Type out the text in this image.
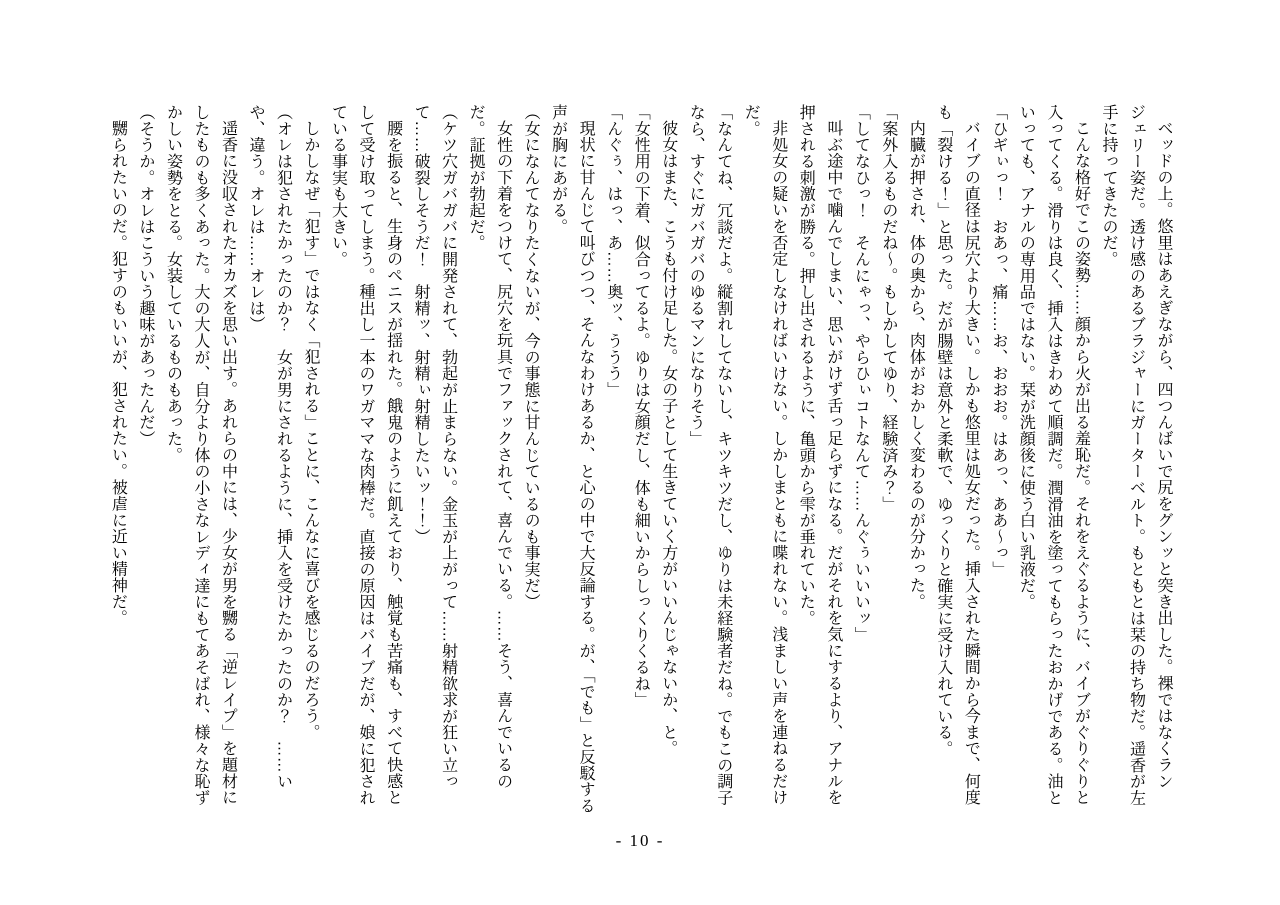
ベッドの上。悠里はあえぎながら、四つんばいで尻をグンッと突き出した。裸ではなくランジェリー姿だ。透け感のあるブラジャーにガーターベルト。もともとは栞の持ち物だ。遥香が左手に持ってきたのだ。

こんな格好でこの姿勢……顔から火が出る羞恥だ。それをえぐるように、バイブがぐりぐりと入ってくる。滑りは良く、挿入はきわめて順調だ。潤滑油を塗ってもらったおかげである。油といっても、アナルの専用品ではない。栞が洗顔後に使う白い乳液だ。

「ひギぃっ！　おあっ、痛……お、おおお。はあっ、ああ～っ」

バイブの直径は尻穴より大きい。しかも悠里は処女だった。挿入された瞬間から今まで、何度も「裂ける！」と思った。だが腸壁は意外と柔軟で、ゆっくりと確実に受け入れている。

内臓が押され、体の奥から、肉体がおかしく変わるのが分かった。

「案外入るものだね～。もしかしてゆり、経験済み？」

「してなひっ！　そんにゃっ、やらひぃコトなんて……んぐぅいいいッ」

叫ぶ途中で噛んでしまい、思いがけず舌っ足らずになる。だがそれを気にするより、アナルを押される刺激が勝る。押し出されるように、亀頭から雫が垂れていた。

非処女の疑いを否定しなければいけない。しかしまともに喋れない。浅ましい声を連ねるだけだ。

「なんてね、冗談だよ。縦割れしてないし、キツキツだし、ゆりは未経験者だね。でもこの調子なら、すぐにガバガバのゆるマンになりそう」

彼女はまた、こうも付け足した。女の子として生きていく方がいいんじゃないか、と。

「女性用の下着、似合ってるよ。ゆりは女顔だし、体も細いからしっくりくるね」

「んぐぅ、はっ、あ……奥ッ、ううう」

現状に甘んじて叫びつつ、そんなわけあるか、と心の中で大反論する。が、「でも」と反駁する声が胸にあがる。

（女になんてなりたくないが、今の事態に甘んじているのも事実だ）

女性の下着をつけて、尻穴を玩具でファックされて、喜んでいる。……そう、喜んでいるのだ。証拠が勃起だ。

（ケツ穴ガバガバに開発されて、勃起が止まらない。金玉が上がって……射精欲求が狂い立って……破裂しそうだ！　射精ッ、射精ぃ射精したいッ！！）

腰を振ると、生身のペニスが揺れた。餓鬼のように飢えており、触覚も苦痛も、すべて快感として受け取ってしまう。種出し一本のワガママな肉棒だ。直接の原因はバイブだが、娘に犯されている事実も大きい。

しかしなぜ「犯す」ではなく「犯される」ことに、こんなに喜びを感じるのだろう。

（オレは犯されたかったのか？　女が男にされるように、挿入を受けたかったのか？　……いや、違う。オレは……オレは）

遥香に没収されたオカズを思い出す。あれらの中には、少女が男を嬲る「逆レイプ」を題材にしたものも多くあった。大の大人が、自分より体の小さなレディ達にもてあそばれ、様々な恥ずかしい姿勢をとる。女装しているものもあった。

（そうか。オレはこういう趣味があったんだ）

嬲られたいのだ。犯すのもいいが、犯されたい。被虐に近い精神だ。

- 10 -
